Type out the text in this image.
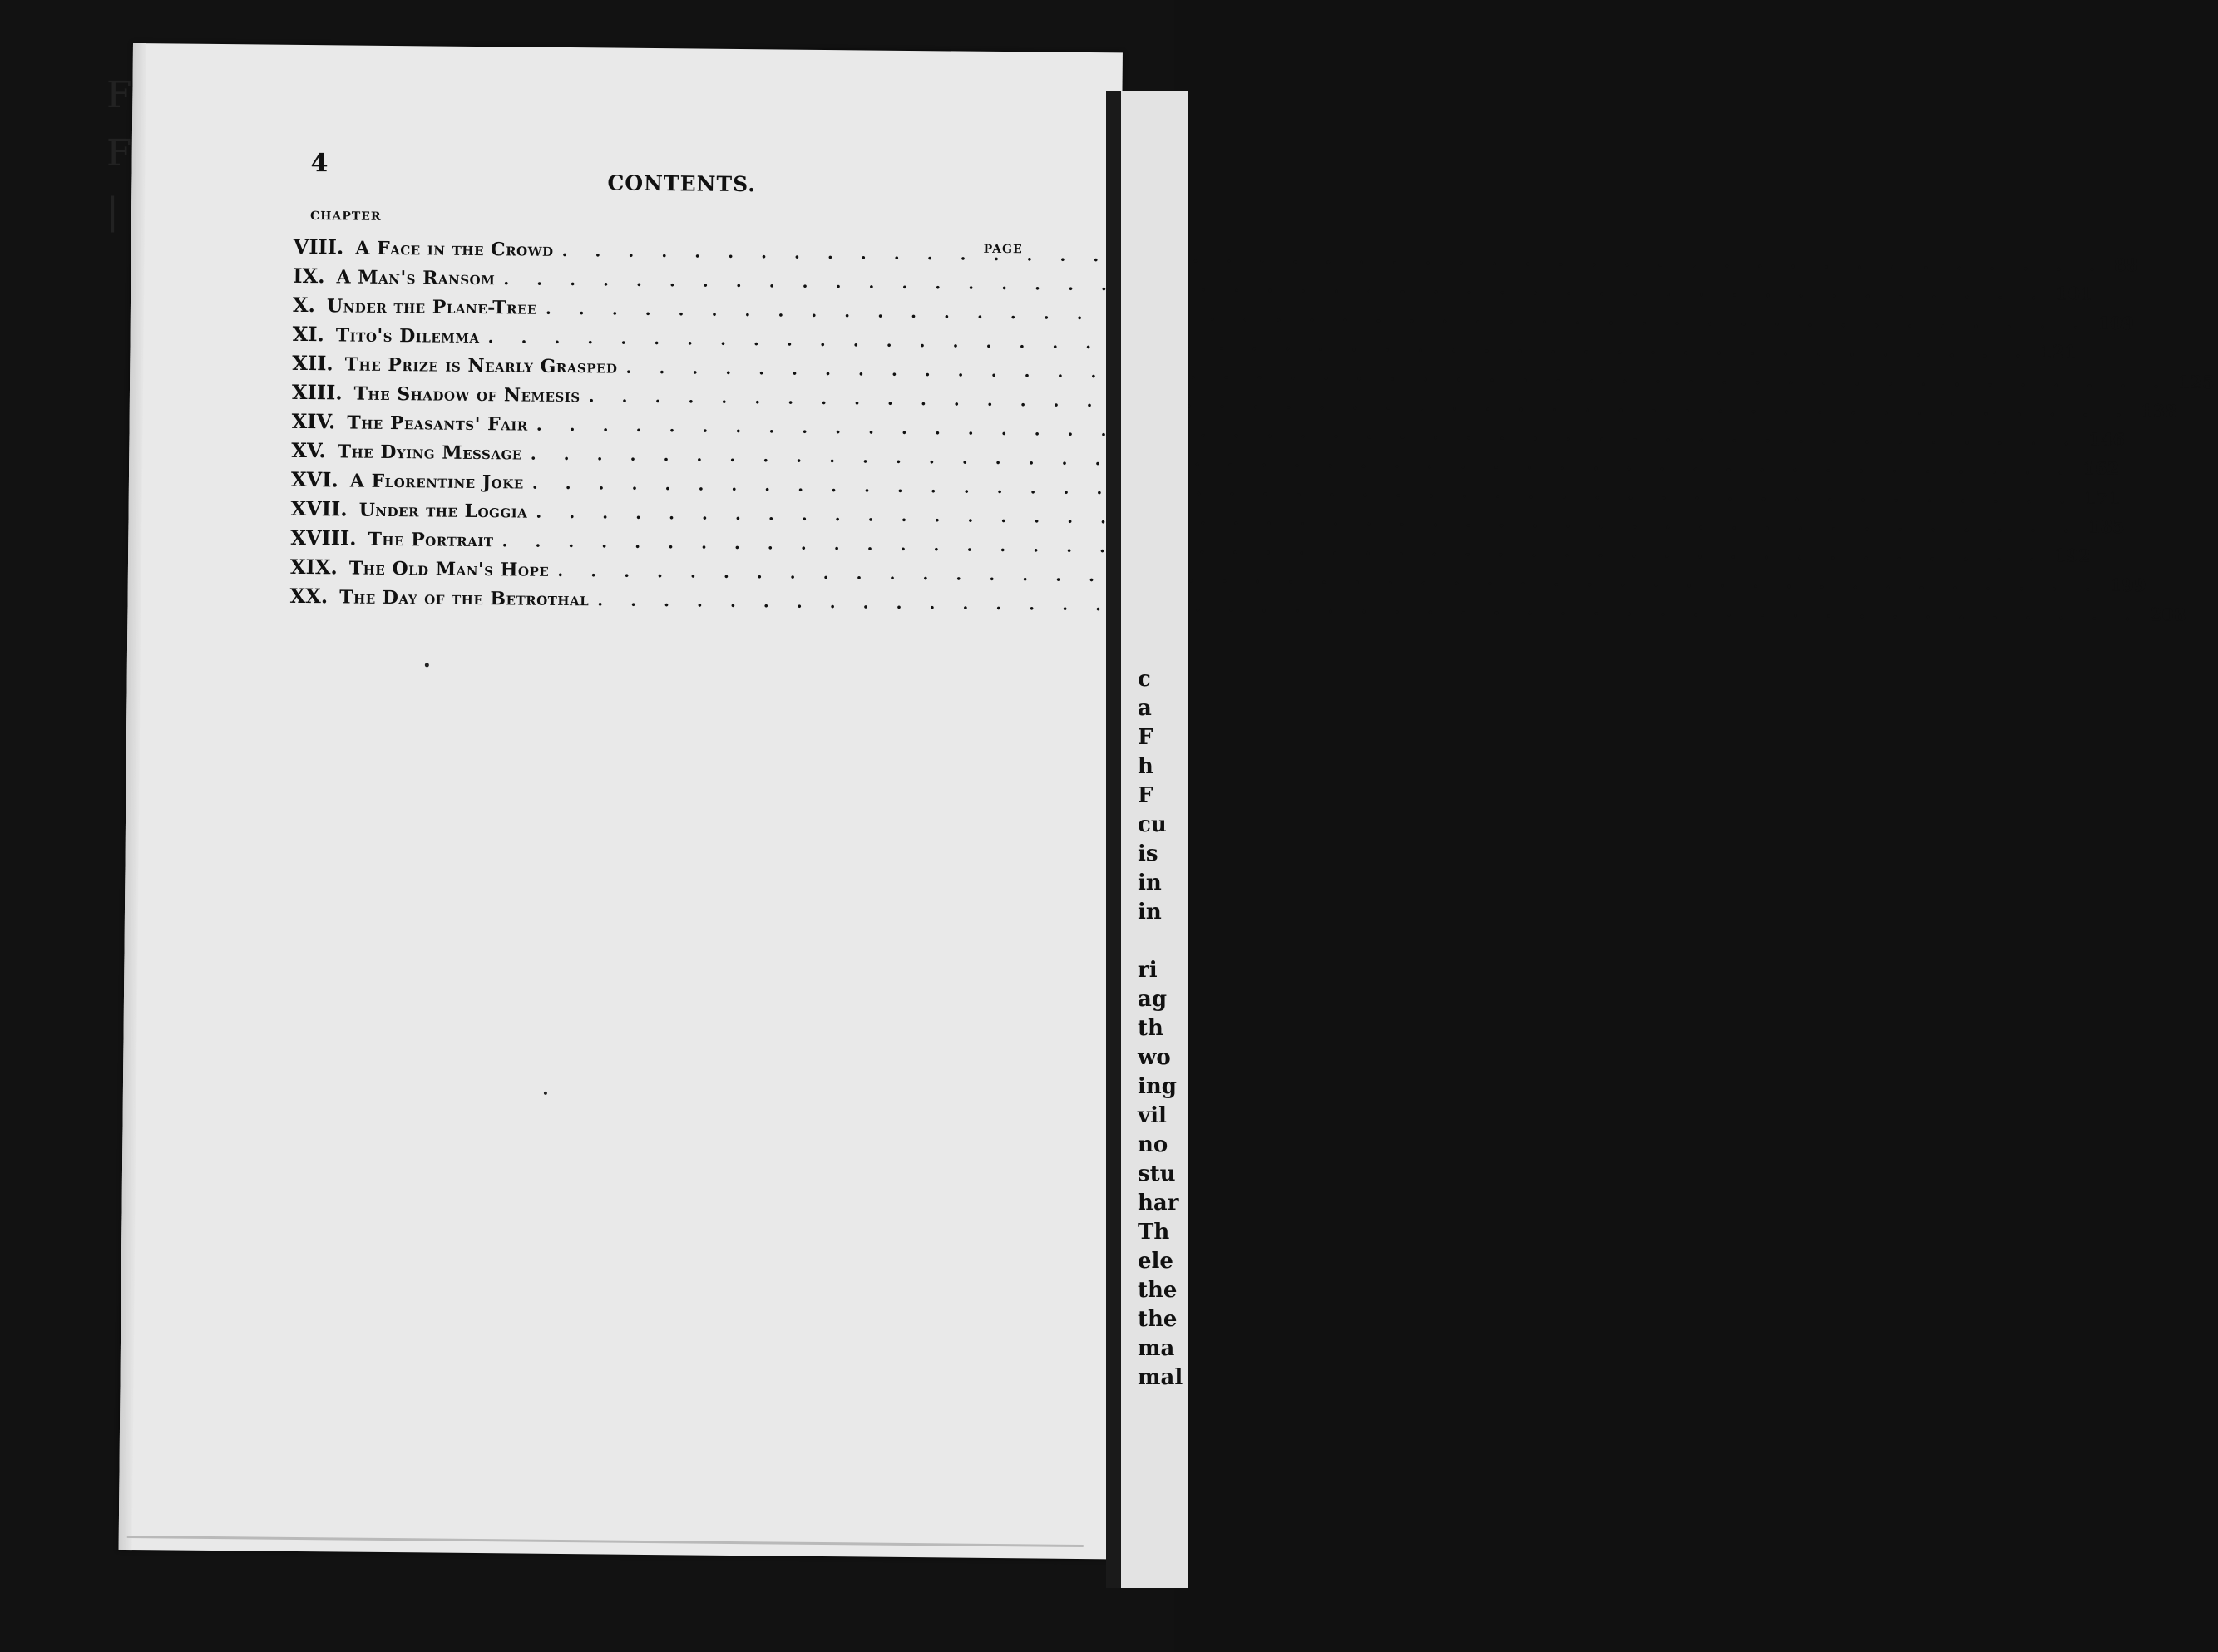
F
F
|
4
CONTENTS.
CHAPTER
PAGE
VIII. A Face in the Crowd
. . .
88
IX. A Man's Ransom
. . .
101
X. Under the Plane-Tree
. . .
109
XI. Tito's Dilemma
. . .
121
XII. The Prize is Nearly Grasped
. . .
125
XIII. The Shadow of Nemesis
. . .
138
XIV. The Peasants' Fair
. . .
146
XV. The Dying Message
. . .
162
XVI. A Florentine Joke
. . .
171
XVII. Under the Loggia
. . .
185
XVIII. The Portrait
. . .
192
XIX. The Old Man's Hope
. . .
199
XX. The Day of the Betrothal
. . .
208
c
a
F
h
F
cu
is
in
in

ri
ag
th
wo
ing
vil
no
stu
har
Th
ele
the
the
ma
mal
